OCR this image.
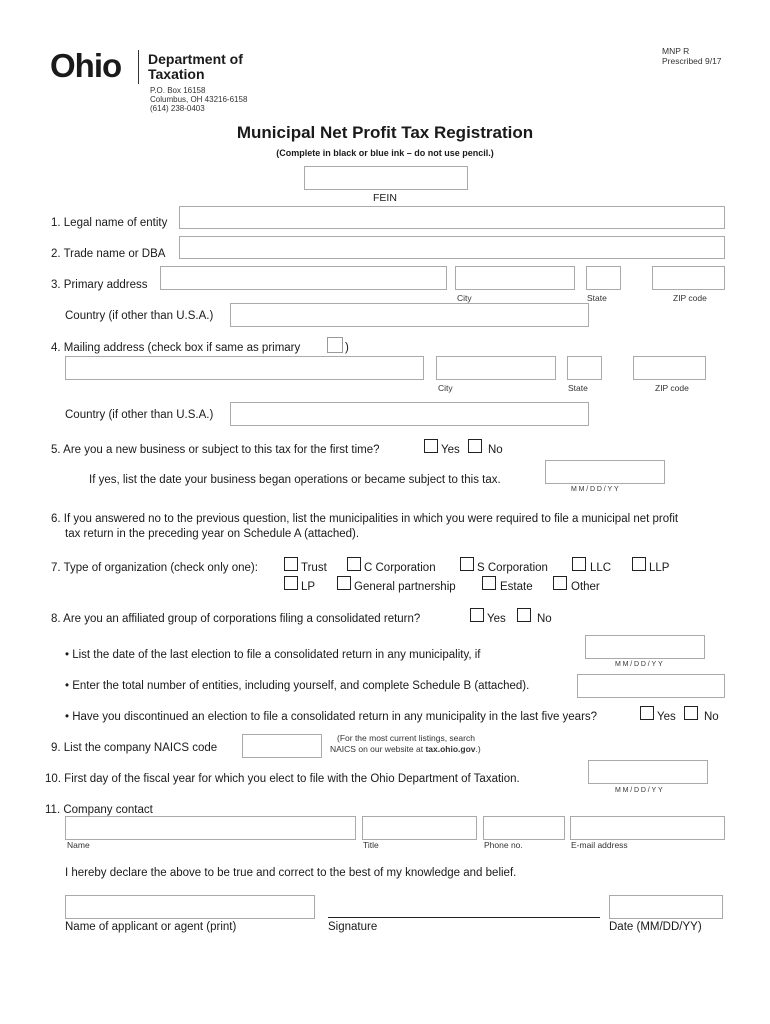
Ohio Department of
Taxation
P.O. Box 16158
Columbus, OH 43216-6158
(614) 238-0403
MNP R
Prescribed 9/17
Municipal Net Profit Tax Registration
(Complete in black or blue ink – do not use pencil.)
FEIN
1. Legal name of entity
2. Trade name or DBA
3. Primary address
City	State	ZIP code
Country (if other than U.S.A.)
4. Mailing address (check box if same as primary	)
City	State	ZIP code
Country (if other than U.S.A.)
5. Are you a new business or subject to this tax for the first time?	Yes No
If yes, list the date your business began operations or became subject to this tax.
M M / D D / Y Y
6. If you answered no to the previous question, list the municipalities in which you were required to file a municipal net profit
tax return in the preceding year on Schedule A (attached).
7. Type of organization (check only one):	Trust	C Corporation	S Corporation	LLC	LLP
LP	General partnership	Estate	Other
8. Are you an affiliated group of corporations filing a consolidated return?	Yes	No
• List the date of the last election to file a consolidated return in any municipality, if
M M / D D / Y Y
• Enter the total number of entities, including yourself, and complete Schedule B (attached).
• Have you discontinued an election to file a consolidated return in any municipality in the last five years?	Yes No
9. List the company NAICS code
(For the most current listings, search
NAICS on our website at tax.ohio.gov.)
10. First day of the fiscal year for which you elect to file with the Ohio Department of Taxation.
M M / D D / Y Y
11. Company contact
Name	Title	Phone no.	E-mail address
I hereby declare the above to be true and correct to the best of my knowledge and belief.
Name of applicant or agent (print)	Signature	Date (MM/DD/YY)
